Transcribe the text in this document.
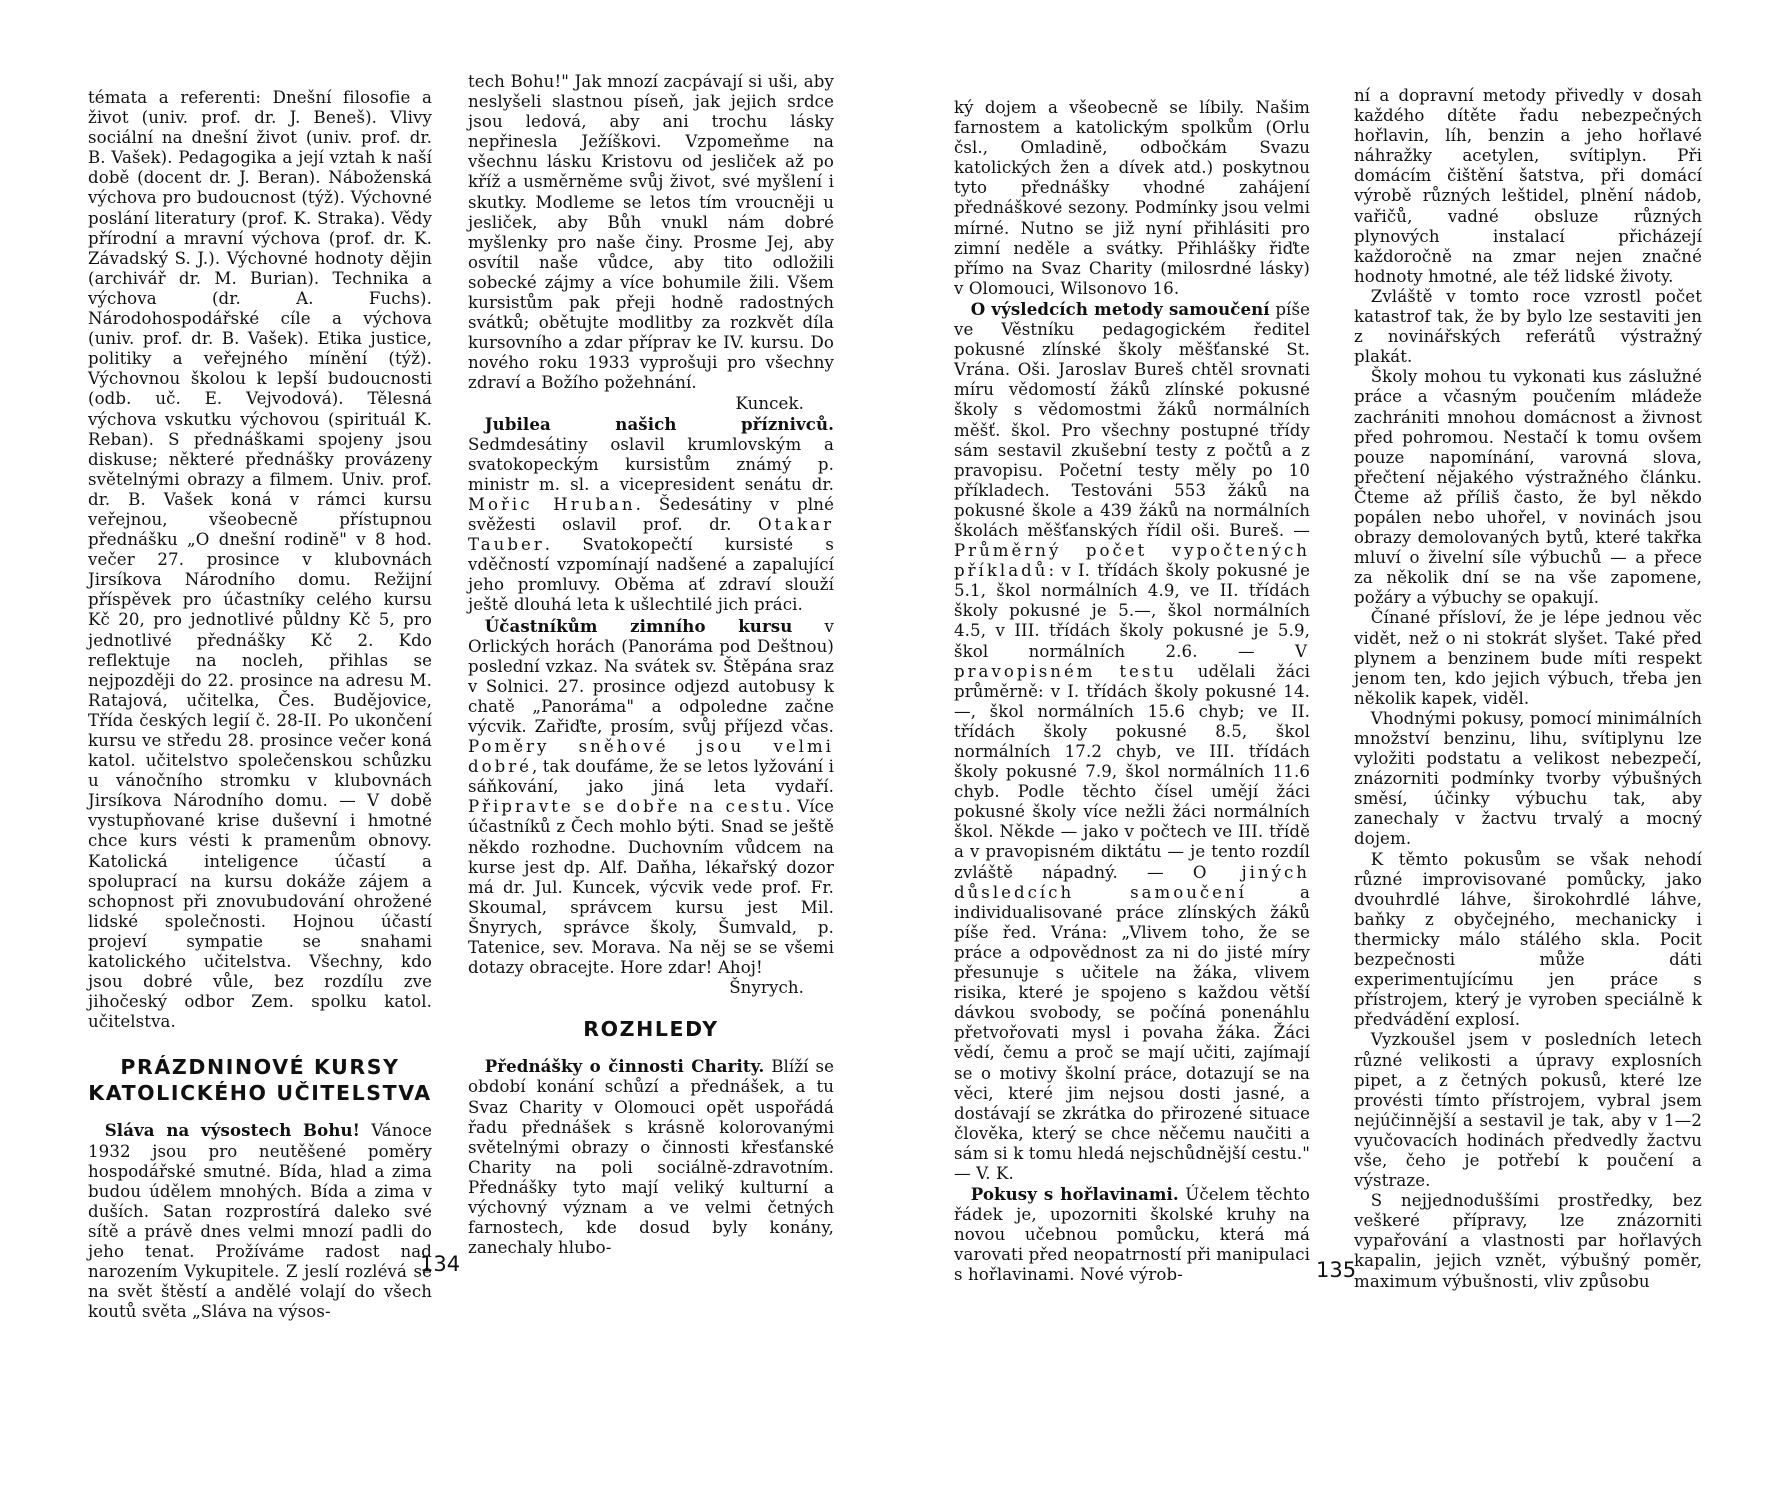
témata a referenti: Dnešní filosofie a život (univ. prof. dr. J. Beneš). Vlivy sociální na dnešní život (univ. prof. dr. B. Vašek). Pedagogika a její vztah k naší době (docent dr. J. Beran). Náboženská výchova pro budoucnost (týž). Výchovné poslání literatury (prof. K. Straka). Vědy přírodní a mravní výchova (prof. dr. K. Závadský S. J.). Výchovné hodnoty dějin (archivář dr. M. Burian). Technika a výchova (dr. A. Fuchs). Národohospodářské cíle a výchova (univ. prof. dr. B. Vašek). Etika justice, politiky a veřejného mínění (týž). Výchovnou školou k lepší budoucnosti (odb. uč. E. Vejvodová). Tělesná výchova vskutku výchovou (spirituál K. Reban). S přednáškami spojeny jsou diskuse; některé přednášky provázeny světelnými obrazy a filmem. Univ. prof. dr. B. Vašek koná v rámci kursu veřejnou, všeobecně přístupnou přednášku „O dnešní rodině" v 8 hod. večer 27. prosince v klubovnách Jirsíkova Národního domu. Režijní příspěvek pro účastníky celého kursu Kč 20, pro jednotlivé půldny Kč 5, pro jednotlivé přednášky Kč 2. Kdo reflektuje na nocleh, přihlas se nejpozději do 22. prosince na adresu M. Ratajová, učitelka, Čes. Budějovice, Třída českých legií č. 28-II. Po ukončení kursu ve středu 28. prosince večer koná katol. učitelstvo společenskou schůzku u vánočního stromku v klubovnách Jirsíkova Národního domu. — V době vystupňované krise duševní i hmotné chce kurs vésti k pramenům obnovy. Katolická inteligence účastí a spoluprací na kursu dokáže zájem a schopnost při znovubudování ohrožené lidské společnosti. Hojnou účastí projeví sympatie se snahami katolického učitelstva. Všechny, kdo jsou dobré vůle, bez rozdílu zve jihočeský odbor Zem. spolku katol. učitelstva.

PRÁZDNINOVÉ KURSY KATOLICKÉHO UČITELSTVA

 Sláva na výsostech Bohu! Vánoce 1932 jsou pro neutěšené poměry hospodářské smutné. Bída, hlad a zima budou údělem mnohých. Bída a zima v duších. Satan rozprostírá daleko své sítě a právě dnes velmi mnozí padli do jeho tenat. Prožíváme radost nad narozením Vykupitele. Z jeslí rozlévá se na svět štěstí a andělé volají do všech koutů světa „Sláva na výsos-

tech Bohu!" Jak mnozí zacpávají si uši, aby neslyšeli slastnou píseň, jak jejich srdce jsou ledová, aby ani trochu lásky nepřinesla Ježíškovi. Vzpomeňme na všechnu lásku Kristovu od jesliček až po kříž a usměrněme svůj život, své myšlení i skutky. Modleme se letos tím vroucněji u jesliček, aby Bůh vnukl nám dobré myšlenky pro naše činy. Prosme Jej, aby osvítil naše vůdce, aby tito odložili sobecké zájmy a více bohumile žili. Všem kursistům pak přeji hodně radostných svátků; obětujte modlitby za rozkvět díla kursovního a zdar příprav ke IV. kursu. Do nového roku 1933 vyprošuji pro všechny zdraví a Božího požehnání.
Kuncek.

 Jubilea našich příznivců. Sedmdesátiny oslavil krumlovským a svatokopeckým kursistům známý p. ministr m. sl. a vicepresident senátu dr. Mořic Hruban. Šedesátiny v plné svěžesti oslavil prof. dr. Otakar Tauber. Svatokopečtí kursisté s vděčností vzpomínají nadšené a zapalující jeho promluvy. Oběma ať zdraví slouží ještě dlouhá leta k ušlechtilé jich práci.

 Účastníkům zimního kursu v Orlických horách (Panoráma pod Deštnou) poslední vzkaz. Na svátek sv. Štěpána sraz v Solnici. 27. prosince odjezd autobusy k chatě „Panoráma" a odpoledne začne výcvik. Zařiďte, prosím, svůj příjezd včas. Poměry sněhové jsou velmi dobré, tak doufáme, že se letos lyžování i sáňkování, jako jiná leta vydaří. Připravte se dobře na cestu. Více účastníků z Čech mohlo býti. Snad se ještě někdo rozhodne. Duchovním vůdcem na kurse jest dp. Alf. Daňha, lékařský dozor má dr. Jul. Kuncek, výcvik vede prof. Fr. Skoumal, správcem kursu jest Mil. Šnyrych, správce školy, Šumvald, p. Tatenice, sev. Morava. Na něj se se všemi dotazy obracejte. Hore zdar! Ahoj!
Šnyrych.

ROZHLEDY

 Přednášky o činnosti Charity. Blíží se období konání schůzí a přednášek, a tu Svaz Charity v Olomouci opět uspořádá řadu přednášek s krásně kolorovanými světelnými obrazy o činnosti křesťanské Charity na poli sociálně-zdravotním. Přednášky tyto mají veliký kulturní a výchovný význam a ve velmi četných farnostech, kde dosud byly konány, zanechaly hlubo-

134

ký dojem a všeobecně se líbily. Našim farnostem a katolickým spolkům (Orlu čsl., Omladině, odbočkám Svazu katolických žen a dívek atd.) poskytnou tyto přednášky vhodné zahájení přednáškové sezony. Podmínky jsou velmi mírné. Nutno se již nyní přihlásiti pro zimní neděle a svátky. Přihlášky řiďte přímo na Svaz Charity (milosrdné lásky) v Olomouci, Wilsonovo 16.

 O výsledcích metody samoučení píše ve Věstníku pedagogickém ředitel pokusné zlínské školy měšťanské St. Vrána. Oši. Jaroslav Bureš chtěl srovnati míru vědomostí žáků zlínské pokusné školy s vědomostmi žáků normálních měšť. škol. Pro všechny postupné třídy sám sestavil zkušební testy z počtů a z pravopisu. Početní testy měly po 10 příkladech. Testováni 553 žáků na pokusné škole a 439 žáků na normálních školách měšťanských řídil oši. Bureš. — Průměrný počet vypočtených příkladů: v I. třídách školy pokusné je 5.1, škol normálních 4.9, ve II. třídách školy pokusné je 5.—, škol normálních 4.5, v III. třídách školy pokusné je 5.9, škol normálních 2.6. — V pravopisném testu udělali žáci průměrně: v I. třídách školy pokusné 14.—, škol normálních 15.6 chyb; ve II. třídách školy pokusné 8.5, škol normálních 17.2 chyb, ve III. třídách školy pokusné 7.9, škol normálních 11.6 chyb. Podle těchto čísel umějí žáci pokusné školy více nežli žáci normálních škol. Někde — jako v počtech ve III. třídě a v pravopisném diktátu — je tento rozdíl zvláště nápadný. — O jiných důsledcích samoučení a individualisované práce zlínských žáků píše řed. Vrána: „Vlivem toho, že se práce a odpovědnost za ni do jisté míry přesunuje s učitele na žáka, vlivem risika, které je spojeno s každou větší dávkou svobody, se počíná ponenáhlu přetvořovati mysl i povaha žáka. Žáci vědí, čemu a proč se mají učiti, zajímají se o motivy školní práce, dotazují se na věci, které jim nejsou dosti jasné, a dostávají se zkrátka do přirozené situace člověka, který se chce něčemu naučiti a sám si k tomu hledá nejschůdnější cestu." — V. K.

 Pokusy s hořlavinami. Účelem těchto řádek je, upozorniti školské kruhy na novou učebnou pomůcku, která má varovati před neopatrností při manipulaci s hořlavinami. Nové výrob-

ní a dopravní metody přivedly v dosah každého dítěte řadu nebezpečných hořlavin, líh, benzin a jeho hořlavé náhražky acetylen, svítiplyn. Při domácím čištění šatstva, při domácí výrobě různých leštidel, plnění nádob, vařičů, vadné obsluze různých plynových instalací přicházejí každoročně na zmar nejen značné hodnoty hmotné, ale též lidské životy.

 Zvláště v tomto roce vzrostl počet katastrof tak, že by bylo lze sestaviti jen z novinářských referátů výstražný plakát.

 Školy mohou tu vykonati kus záslužné práce a včasným poučením mládeže zachrániti mnohou domácnost a živnost před pohromou. Nestačí k tomu ovšem pouze napomínání, varovná slova, přečtení nějakého výstražného článku. Čteme až příliš často, že byl někdo popálen nebo uhořel, v novinách jsou obrazy demolovaných bytů, které takřka mluví o živelní síle výbuchů — a přece za několik dní se na vše zapomene, požáry a výbuchy se opakují.

 Čínané přísloví, že je lépe jednou věc vidět, než o ni stokrát slyšet. Také před plynem a benzinem bude míti respekt jenom ten, kdo jejich výbuch, třeba jen několik kapek, viděl.

 Vhodnými pokusy, pomocí minimálních množství benzinu, lihu, svítiplynu lze vyložiti podstatu a velikost nebezpečí, znázorniti podmínky tvorby výbušných směsí, účinky výbuchu tak, aby zanechaly v žactvu trvalý a mocný dojem.

 K těmto pokusům se však nehodí různé improvisované pomůcky, jako dvouhrdlé láhve, širokohrdlé láhve, baňky z obyčejného, mechanicky i thermicky málo stálého skla. Pocit bezpečnosti může dáti experimentujícímu jen práce s přístrojem, který je vyroben speciálně k předvádění explosí.

 Vyzkoušel jsem v posledních letech různé velikosti a úpravy explosních pipet, a z četných pokusů, které lze provésti tímto přístrojem, vybral jsem nejúčinnější a sestavil je tak, aby v 1—2 vyučovacích hodinách předvedly žactvu vše, čeho je potřebí k poučení a výstraze.

 S nejjednoduššími prostředky, bez veškeré přípravy, lze znázorniti vypařování a vlastnosti par hořlavých kapalin, jejich vznět, výbušný poměr, maximum výbušnosti, vliv způsobu

135
